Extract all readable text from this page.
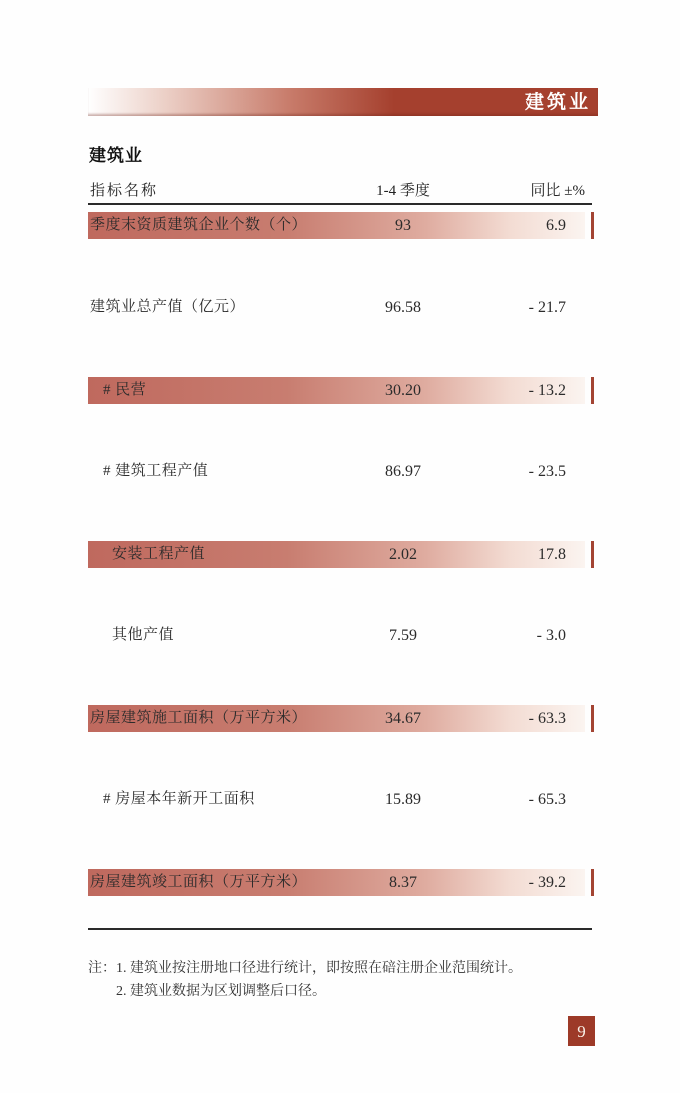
建筑业
建筑业
指标名称	1-4 季度	同比 ±%
季度末资质建筑企业个数（个）	93	6.9
建筑业总产值（亿元）	96.58	- 21.7
# 民营	30.20	- 13.2
# 建筑工程产值	86.97	- 23.5
安装工程产值	2.02	17.8
其他产值	7.59	- 3.0
房屋建筑施工面积（万平方米）	34.67	- 63.3
# 房屋本年新开工面积	15.89	- 65.3
房屋建筑竣工面积（万平方米）	8.37	- 39.2
注： 1. 建筑业按注册地口径进行统计，即按照在碚注册企业范围统计。
2. 建筑业数据为区划调整后口径。
9
